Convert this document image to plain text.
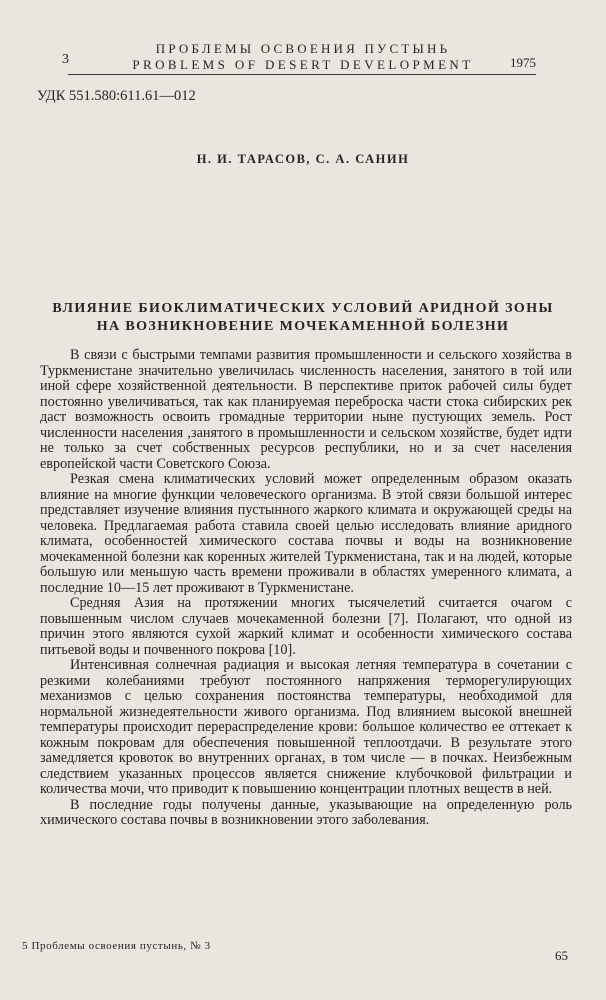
3
ПРОБЛЕМЫ ОСВОЕНИЯ ПУСТЫНЬ
PROBLEMS OF DESERT DEVELOPMENT	1975
УДК 551.580:611.61—012
Н. И. ТАРАСОВ, С. А. САНИН
ВЛИЯНИЕ БИОКЛИМАТИЧЕСКИХ УСЛОВИЙ АРИДНОЙ ЗОНЫ
НА ВОЗНИКНОВЕНИЕ МОЧЕКАМЕННОЙ БОЛЕЗНИ

В связи с быстрыми темпами развития промышленности и сельского хозяйства в Туркменистане значительно увеличилась численность населения, занятого в той или иной сфере хозяйственной деятельности. В перспективе приток рабочей силы будет постоянно увеличиваться, так как планируемая переброска части стока сибирских рек даст возможность освоить громадные территории ныне пустующих земель. Рост численности населения ,занятого в промышленности и сельском хозяйстве, будет идти не только за счет собственных ресурсов республики, но и за счет населения европейской части Советского Союза.

Резкая смена климатических условий может определенным образом оказать влияние на многие функции человеческого организма. В этой связи большой интерес представляет изучение влияния пустынного жаркого климата и окружающей среды на человека. Предлагаемая работа ставила своей целью исследовать влияние аридного климата, особенностей химического состава почвы и воды на возникновение мочекаменной болезни как коренных жителей Туркменистана, так и на людей, которые большую или меньшую часть времени проживали в областях умеренного климата, а последние 10—15 лет проживают в Туркменистане.

Средняя Азия на протяжении многих тысячелетий считается очагом с повышенным числом случаев мочекаменной болезни [7]. Полагают, что одной из причин этого являются сухой жаркий климат и особенности химического состава питьевой воды и почвенного покрова [10].

Интенсивная солнечная радиация и высокая летняя температура в сочетании с резкими колебаниями требуют постоянного напряжения терморегулирующих механизмов с целью сохранения постоянства температуры, необходимой для нормальной жизнедеятельности живого организма. Под влиянием высокой внешней температуры происходит перераспределение крови: большое количество ее оттекает к кожным покровам для обеспечения повышенной теплоотдачи. В результате этого замедляется кровоток во внутренних органах, в том числе — в почках. Неизбежным следствием указанных процессов является снижение клубочковой фильтрации и количества мочи, что приводит к повышению концентрации плотных веществ в ней.

В последние годы получены данные, указывающие на определенную роль химического состава почвы в возникновении этого заболевания.

5 Проблемы освоения пустынь, № 3
65
